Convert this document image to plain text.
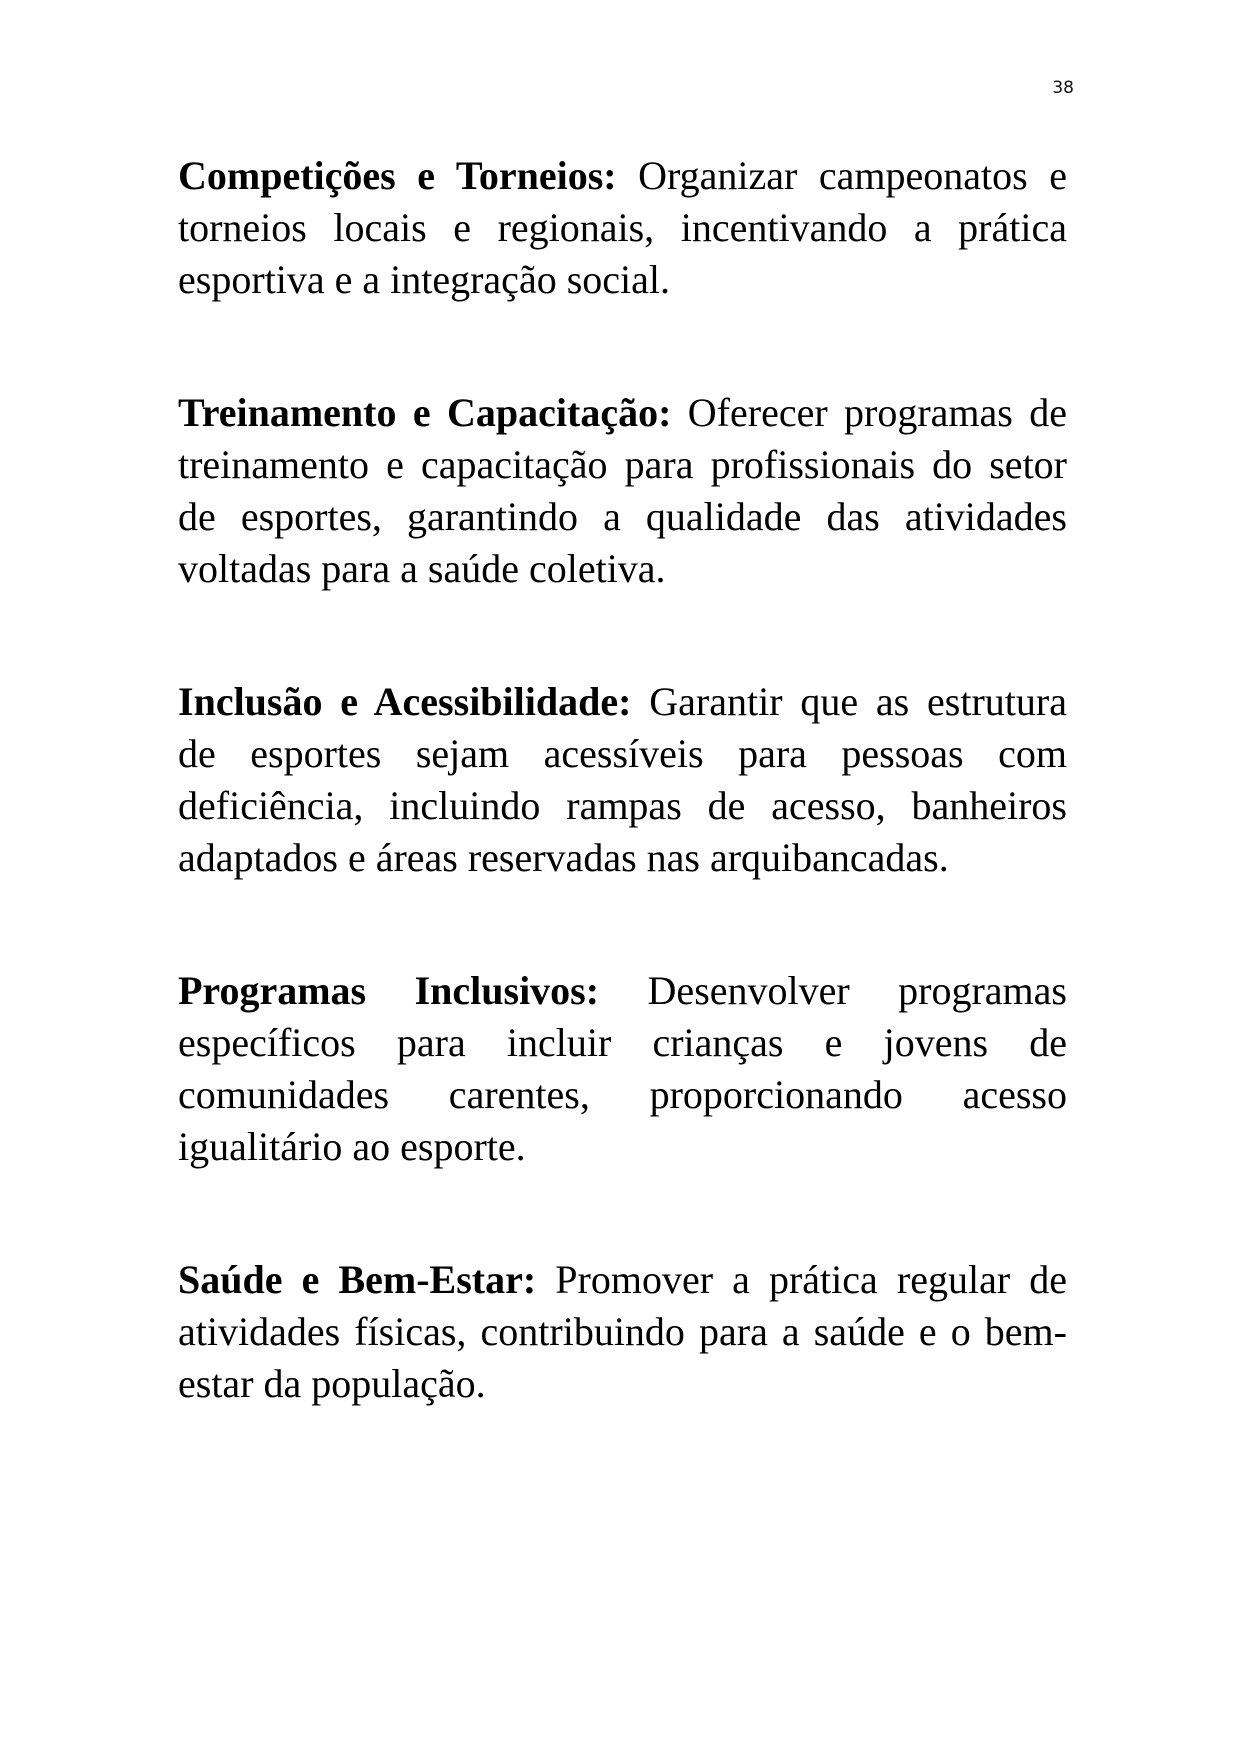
38

Competições e Torneios: Organizar campeonatos e torneios locais e regionais, incentivando a prática esportiva e a integração social.

Treinamento e Capacitação: Oferecer programas de treinamento e capacitação para profissionais do setor de esportes, garantindo a qualidade das atividades voltadas para a saúde coletiva.

Inclusão e Acessibilidade: Garantir que as estrutura de esportes sejam acessíveis para pessoas com deficiência, incluindo rampas de acesso, banheiros adaptados e áreas reservadas nas arquibancadas.

Programas Inclusivos: Desenvolver programas específicos para incluir crianças e jovens de comunidades carentes, proporcionando acesso igualitário ao esporte.

Saúde e Bem-Estar: Promover a prática regular de atividades físicas, contribuindo para a saúde e o bem-estar da população.
